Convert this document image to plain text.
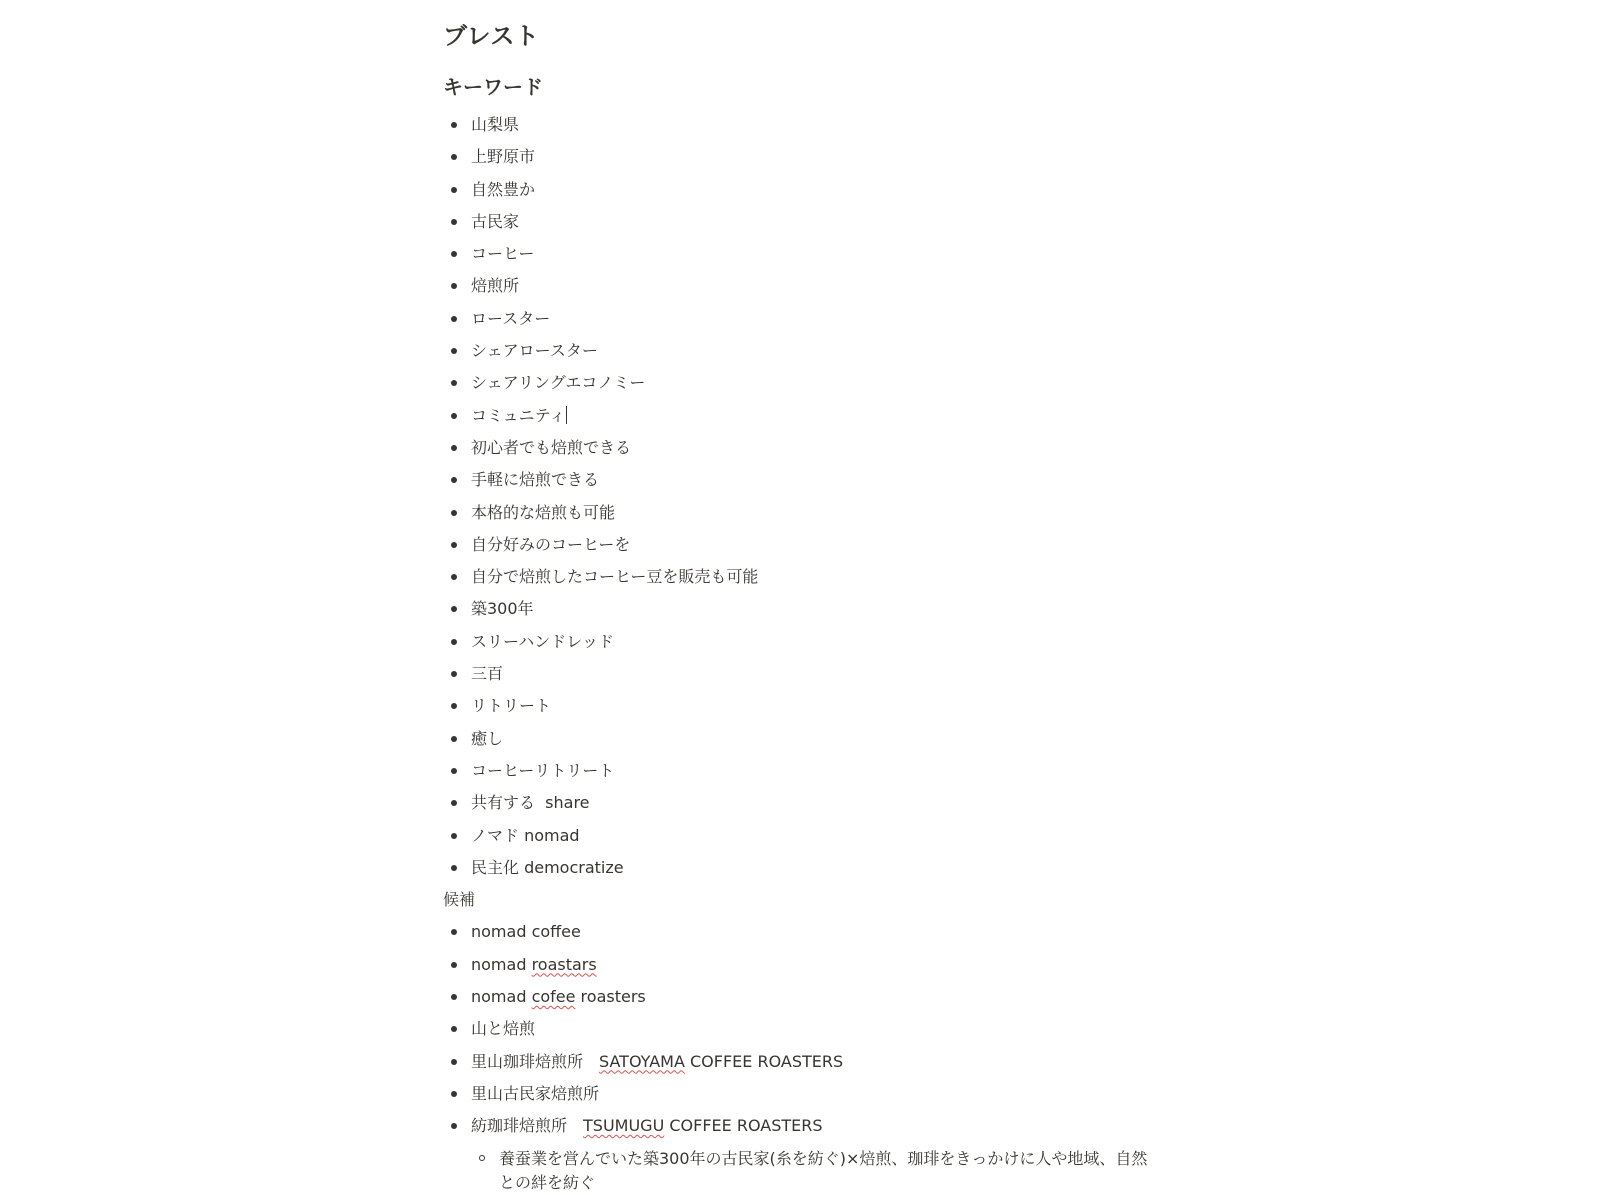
ブレスト
キーワード
山梨県
上野原市
自然豊か
古民家
コーヒー
焙煎所
ロースター
シェアロースター
シェアリングエコノミー
コミュニティ
初心者でも焙煎できる
手軽に焙煎できる
本格的な焙煎も可能
自分好みのコーヒーを
自分で焙煎したコーヒー豆を販売も可能
築300年
スリーハンドレッド
三百
リトリート
癒し
コーヒーリトリート
共有する  share
ノマド nomad
民主化 democratize
候補
nomad coffee
nomad roastars
nomad cofee roasters
山と焙煎
里山珈琲焙煎所 SATOYAMA COFFEE ROASTERS
里山古民家焙煎所
紡珈琲焙煎所 TSUMUGU COFFEE ROASTERS
養蚕業を営んでいた築300年の古民家(糸を紡ぐ)×焙煎、珈琲をきっかけに人や地域、自然との絆を紡ぐ
